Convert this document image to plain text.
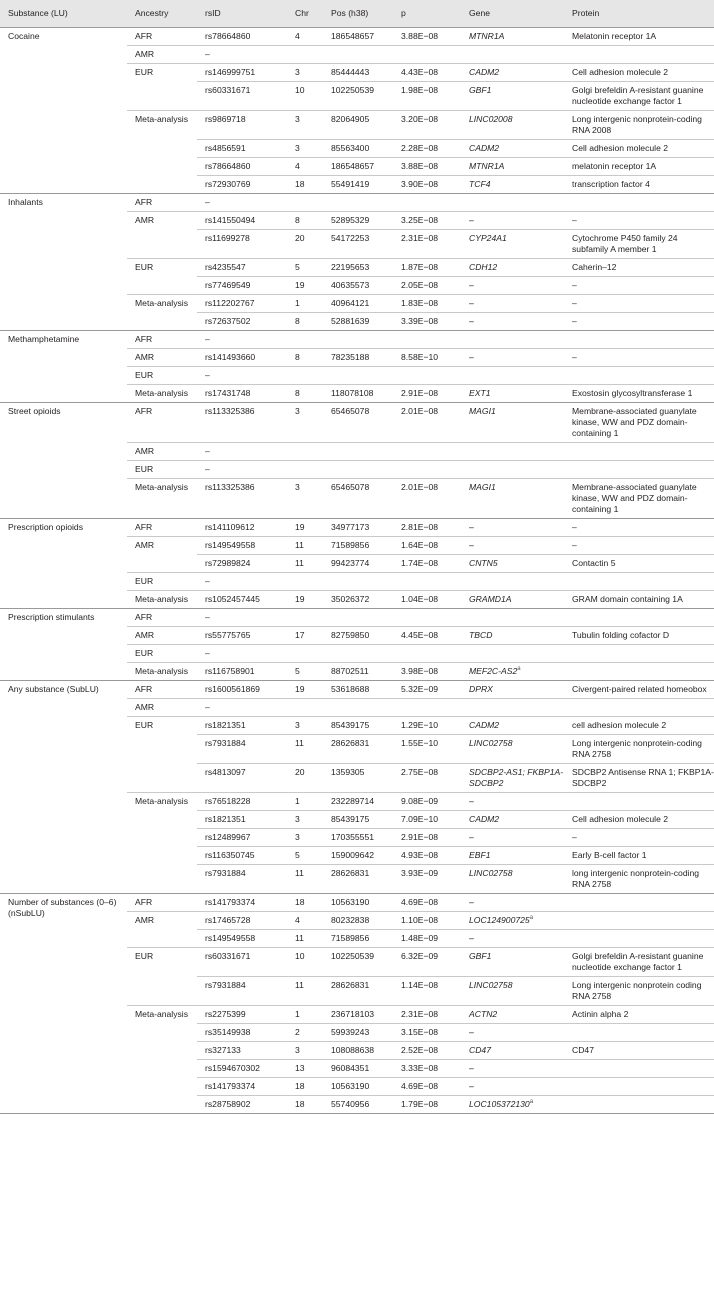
Substance (LU)	Ancestry	rsID	Chr	Pos (h38)	p	Gene	Protein
Cocaine	AFR	rs78664860	4	186548657	3.88E−08	MTNR1A	Melatonin receptor 1A
	AMR	–					
	EUR	rs146999751	3	85444443	4.43E−08	CADM2	Cell adhesion molecule 2
		rs60331671	10	102250539	1.98E−08	GBF1	Golgi brefeldin A-resistant guanine nucleotide exchange factor 1
	Meta-analysis	rs9869718	3	82064905	3.20E−08	LINC02008	Long intergenic nonprotein-coding RNA 2008
		rs4856591	3	85563400	2.28E−08	CADM2	Cell adhesion molecule 2
		rs78664860	4	186548657	3.88E−08	MTNR1A	melatonin receptor 1A
		rs72930769	18	55491419	3.90E−08	TCF4	transcription factor 4
Inhalants	AFR	–					
	AMR	rs141550494	8	52895329	3.25E−08	–	–
		rs11699278	20	54172253	2.31E−08	CYP24A1	Cytochrome P450 family 24 subfamily A member 1
	EUR	rs4235547	5	22195653	1.87E−08	CDH12	Caherin–12
		rs77469549	19	40635573	2.05E−08	–	–
	Meta-analysis	rs112202767	1	40964121	1.83E−08	–	–
		rs72637502	8	52881639	3.39E−08	–	–
Methamphetamine	AFR	–					
	AMR	rs141493660	8	78235188	8.58E−10	–	–
	EUR	–					
	Meta-analysis	rs17431748	8	118078108	2.91E−08	EXT1	Exostosin glycosyltransferase 1
Street opioids	AFR	rs113325386	3	65465078	2.01E−08	MAGI1	Membrane-associated guanylate kinase, WW and PDZ domain-containing 1
	AMR	–					
	EUR	–					
	Meta-analysis	rs113325386	3	65465078	2.01E−08	MAGI1	Membrane-associated guanylate kinase, WW and PDZ domain-containing 1
Prescription opioids	AFR	rs141109612	19	34977173	2.81E−08	–	–
	AMR	rs149549558	11	71589856	1.64E−08	–	–
		rs72989824	11	99423774	1.74E−08	CNTN5	Contactin 5
	EUR	–					
	Meta-analysis	rs1052457445	19	35026372	1.04E−08	GRAMD1A	GRAM domain containing 1A
Prescription stimulants	AFR	–					
	AMR	rs55775765	17	82759850	4.45E−08	TBCD	Tubulin folding cofactor D
	EUR	–					
	Meta-analysis	rs116758901	5	88702511	3.98E−08	MEF2C-AS2$^a$	
Any substance (SubLU)	AFR	rs1600561869	19	53618688	5.32E−09	DPRX	Civergent-paired related homeobox
	AMR	–					
	EUR	rs1821351	3	85439175	1.29E−10	CADM2	cell adhesion molecule 2
		rs7931884	11	28626831	1.55E−10	LINC02758	Long intergenic nonprotein-coding RNA 2758
		rs4813097	20	1359305	2.75E−08	SDCBP2-AS1; FKBP1A-SDCBP2	SDCBP2 Antisense RNA 1; FKBP1A-SDCBP2
	Meta-analysis	rs76518228	1	232289714	9.08E−09	–	
		rs1821351	3	85439175	7.09E−10	CADM2	Cell adhesion molecule 2
		rs12489967	3	170355551	2.91E−08	–	–
		rs116350745	5	159009642	4.93E−08	EBF1	Early B-cell factor 1
		rs7931884	11	28626831	3.93E−09	LINC02758	long intergenic nonprotein-coding RNA 2758
Number of substances (0–6) (nSubLU)	AFR	rs141793374	18	10563190	4.69E−08	–	
	AMR	rs17465728	4	80232838	1.10E−08	LOC124900725$^a$	
		rs149549558	11	71589856	1.48E−09	–	
	EUR	rs60331671	10	102250539	6.32E−09	GBF1	Golgi brefeldin A-resistant guanine nucleotide exchange factor 1
		rs7931884	11	28626831	1.14E−08	LINC02758	Long intergenic nonprotein coding RNA 2758
	Meta-analysis	rs2275399	1	236718103	2.31E−08	ACTN2	Actinin alpha 2
		rs35149938	2	59939243	3.15E−08	–	
		rs327133	3	108088638	2.52E−08	CD47	CD47
		rs1594670302	13	96084351	3.33E−08	–	
		rs141793374	18	10563190	4.69E−08	–	
		rs28758902	18	55740956	1.79E−08	LOC105372130$^a$	
